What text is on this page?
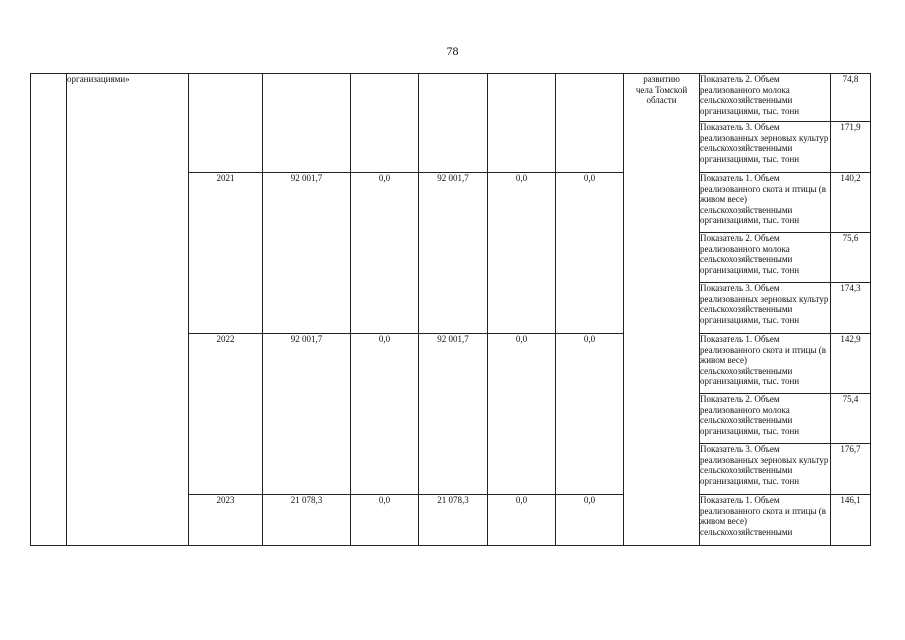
78
	организациями»							развитию
чела Томской
области	Показатель 2. Объем реализованного молока сельскохозяйственными организациями, тыс. тонн	74,8
									Показатель 3. Объем реализованных зерновых культур сельскохозяйственными организациями, тыс. тонн	171,9
		2021	92 001,7	0,0	92 001,7	0,0	0,0		Показатель 1. Объем реализованного скота и птицы (в живом весе) сельскохозяйственными организациями, тыс. тонн	140,2
									Показатель 2. Объем реализованного молока сельскохозяйственными организациями, тыс. тонн	75,6
									Показатель 3. Объем реализованных зерновых культур сельскохозяйственными организациями, тыс. тонн	174,3
		2022	92 001,7	0,0	92 001,7	0,0	0,0		Показатель 1. Объем реализованного скота и птицы (в живом весе) сельскохозяйственными организациями, тыс. тонн	142,9
									Показатель 2. Объем реализованного молока сельскохозяйственными организациями, тыс. тонн	75,4
									Показатель 3. Объем реализованных зерновых культур сельскохозяйственными организациями, тыс. тонн	176,7
		2023	21 078,3	0,0	21 078,3	0,0	0,0		Показатель 1. Объем реализованного скота и птицы (в живом весе) сельскохозяйственными	146,1
